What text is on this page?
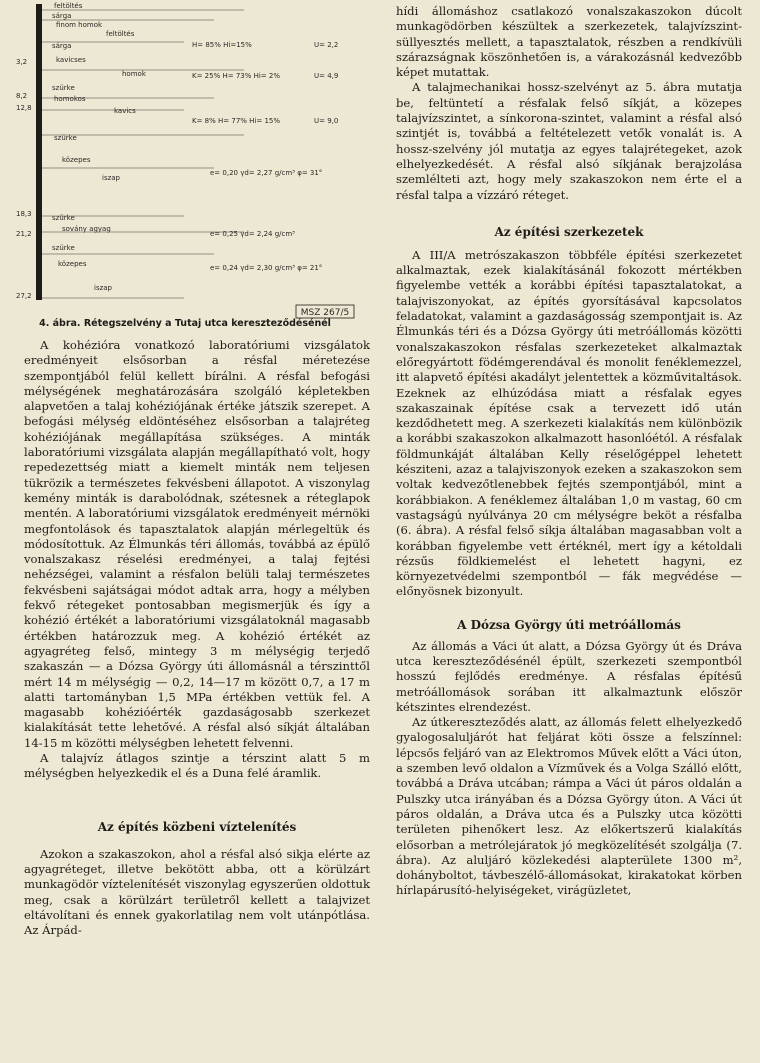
feltöltés
sárga
finom homok
feltöltés
sárga
kavicses
homok
szürke
homokos
kavics
szürke
közepes
iszap
szürke
sovány agyag
szürke
közepes
iszap
3,2
8,2
12,8
18,3
21,2
27,2
H= 85% Hi=15%
K= 25% H= 73% Hi= 2%
K= 8% H= 77% Hi= 15%
e= 0,20 γd= 2,27 g/cm³ φ= 31°
e= 0,25 γd= 2,24 g/cm³
e= 0,24 γd= 2,30 g/cm³ φ= 21°
U= 2,2
U= 4,9
U= 9,0
MSZ 267/5
4. ábra. Rétegszelvény a Tutaj utca kereszteződésénél

A kohézióra vonatkozó laboratóriumi vizsgálatok eredményeit elsősorban a résfal méretezése szempontjából felül kellett bírálni. A résfal befogási mélységének meghatározására szolgáló képletekben alapvetően a talaj kohéziójának értéke játszik szerepet. A befogási mélység eldöntéséhez elsősorban a talajréteg kohéziójának megállapítása szükséges. A minták laboratóriumi vizsgálata alapján megállapítható volt, hogy repedezettség miatt a kiemelt minták nem teljesen tükrözik a természetes fekvésbeni állapotot. A viszonylag kemény minták is darabolódnak, szétesnek a réteglapok mentén. A laboratóriumi vizsgálatok eredményeit mérnöki megfontolások és tapasztalatok alapján mérlegeltük és módosítottuk. Az Élmunkás téri állomás, továbbá az épülő vonalszakasz réselési eredményei, a talaj fejtési nehézségei, valamint a résfalon belüli talaj természetes fekvésbeni sajátságai módot adtak arra, hogy a mélyben fekvő rétegeket pontosabban megismerjük és így a kohézió értékét a laboratóriumi vizsgálatoknál magasabb értékben határozzuk meg. A kohézió értékét az agyagréteg felső, mintegy 3 m mélységig terjedő szakaszán — a Dózsa György úti állomásnál a térszinttől mért 14 m mélységig — 0,2, 14—17 m között 0,7, a 17 m alatti tartományban 1,5 MPa értékben vettük fel. A magasabb kohézióérték gazdaságosabb szerkezet kialakítását tette lehetővé. A résfal alsó síkját általában 14-15 m közötti mélységben lehetett felvenni.

A talajvíz átlagos szintje a térszint alatt 5 m mélységben helyezkedik el és a Duna felé áramlik.

Az építés közbeni víztelenítés

Azokon a szakaszokon, ahol a résfal alsó sikja elérte az agyagréteget, illetve bekötött abba, ott a körülzárt munkagödör víztelenítését viszonylag egyszerűen oldottuk meg, csak a körülzárt területről kellett a talajvizet eltávolítani és ennek gyakorlatilag nem volt utánpótlása. Az Árpád-

hídi állomáshoz csatlakozó vonalszakaszokon dúcolt munkagödörben készültek a szerkezetek, talajvízszint-süllyesztés mellett, a tapasztalatok, részben a rendkívüli szárazságnak köszönhetően is, a várakozásnál kedvezőbb képet mutattak.

A talajmechanikai hossz-szelvényt az 5. ábra mutatja be, feltüntetí a résfalak felső síkját, a közepes talajvízszintet, a sínkorona-szintet, valamint a résfal alsó szintjét is, továbbá a feltételezett vetők vonalát is. A hossz-szelvény jól mutatja az egyes talajrétegeket, azok elhelyezkedését. A résfal alsó síkjának berajzolása szemlélteti azt, hogy mely szakaszokon nem érte el a résfal talpa a vízzáró réteget.

Az építési szerkezetek

A III/A metrószakaszon többféle építési szerkezetet alkalmaztak, ezek kialakításánál fokozott mértékben figyelembe vették a korábbi építési tapasztalatokat, a talajviszonyokat, az építés gyorsításával kapcsolatos feladatokat, valamint a gazdaságosság szempontjait is. Az Élmunkás téri és a Dózsa György úti metróállomás közötti vonalszakaszokon résfalas szerkezeteket alkalmaztak előregyártott födémgerendával és monolit fenéklemezzel, itt alapvető építési akadályt jelentettek a közművitaltások. Ezeknek az elhúzódása miatt a résfalak egyes szakaszainak építése csak a tervezett idő után kezdődhetett meg. A szerkezeti kialakítás nem különbözik a korábbi szakaszokon alkalmazott hasonlóétól. A résfalak földmunkáját általában Kelly réselőgéppel lehetett késziteni, azaz a talajviszonyok ezeken a szakaszokon sem voltak kedvezőtlenebbek fejtés szempontjából, mint a korábbiakon. A fenéklemez általában 1,0 m vastag, 60 cm vastagságú nyúlványa 20 cm mélységre beköt a résfalba (6. ábra). A résfal felső síkja általában magasabban volt a korábban figyelembe vett értéknél, mert így a kétoldali rézsűs földkiemelést el lehetett hagyni, ez környezetvédelmi szempontból — fák megvédése — előnyösnek bizonyult.

A Dózsa György úti metróállomás

Az állomás a Váci út alatt, a Dózsa György út és Dráva utca kereszteződésénél épült, szerkezeti szempontból hosszú fejlődés eredménye. A résfalas építésű metróállomások sorában itt alkalmaztunk először kétszintes elrendezést.

Az útkereszteződés alatt, az állomás felett elhelyezkedő gyalogosaluljárót hat feljárat köti össze a felszínnel: lépcsős feljáró van az Elektromos Művek előtt a Váci úton, a szemben levő oldalon a Vízművek és a Volga Szálló előtt, továbbá a Dráva utcában; rámpa a Váci út páros oldalán a Pulszky utca irányában és a Dózsa György úton. A Váci út páros oldalán, a Dráva utca és a Pulszky utca közötti területen pihenőkert lesz. Az előkertszerű kialakítás elősorban a metrólejáratok jó megközelítését szolgálja (7. ábra). Az aluljáró közlekedési alapterülete 1300 m², dohányboltot, távbeszélő-állomásokat, kirakatokat körben hírlapárusító-helyiségeket, virágüzletet,
